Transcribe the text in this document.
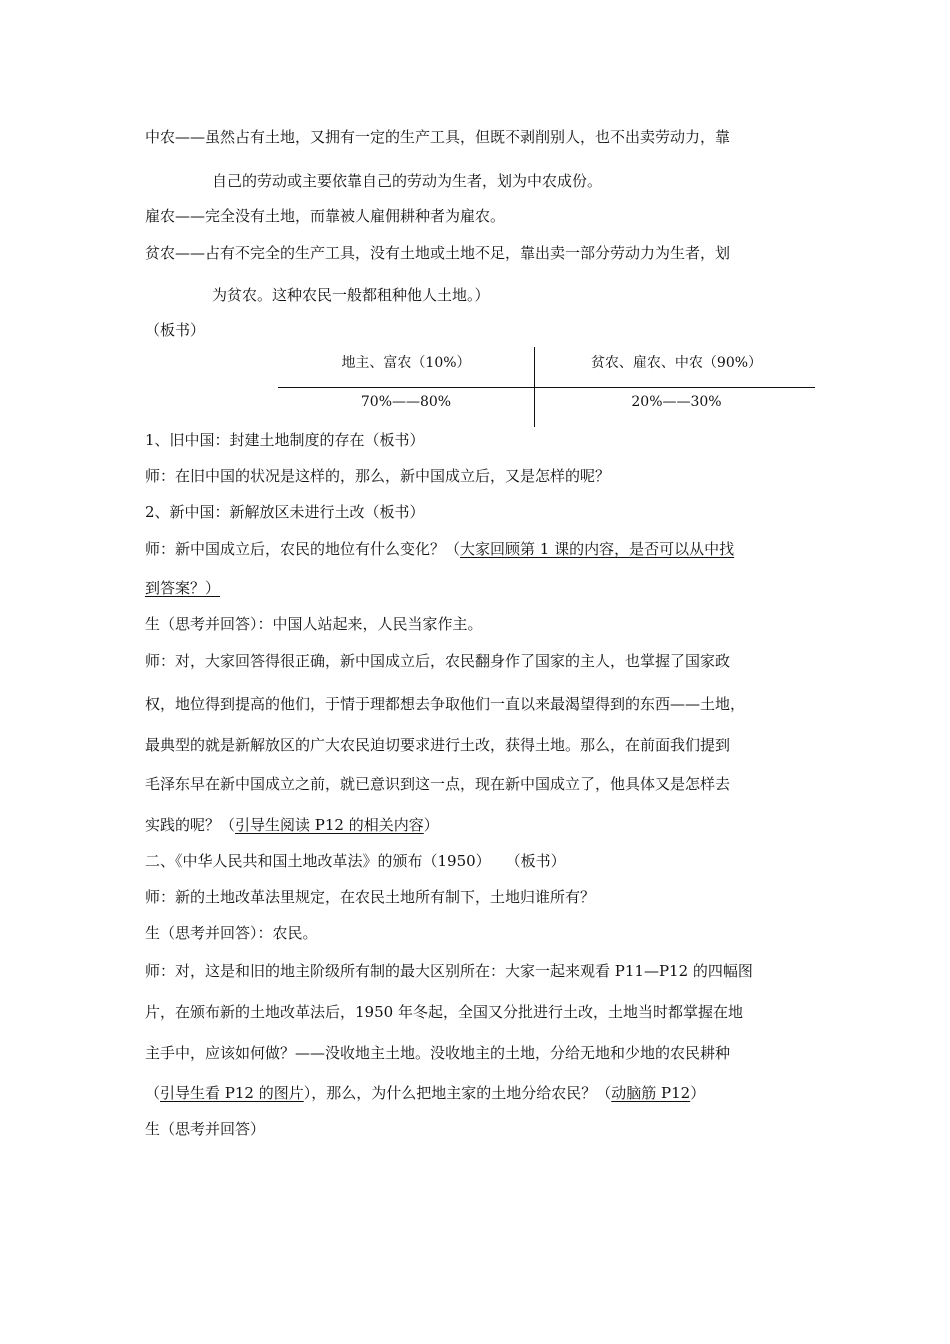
中农——虽然占有土地，又拥有一定的生产工具，但既不剥削别人，也不出卖劳动力，靠
自己的劳动或主要依靠自己的劳动为生者，划为中农成份。
雇农——完全没有土地，而靠被人雇佣耕种者为雇农。
贫农——占有不完全的生产工具，没有土地或土地不足，靠出卖一部分劳动力为生者，划
为贫农。这种农民一般都租种他人土地。）
（板书）
地主、富农（10%）	贫农、雇农、中农（90%）
70%——80%	20%——30%
1、旧中国：封建土地制度的存在（板书）
师：在旧中国的状况是这样的，那么，新中国成立后，又是怎样的呢？
2、新中国：新解放区未进行土改（板书）
师：新中国成立后，农民的地位有什么变化？（大家回顾第 1 课的内容，是否可以从中找
到答案？）
生（思考并回答）：中国人站起来，人民当家作主。
师：对，大家回答得很正确，新中国成立后，农民翻身作了国家的主人，也掌握了国家政
权，地位得到提高的他们，于情于理都想去争取他们一直以来最渴望得到的东西——土地，
最典型的就是新解放区的广大农民迫切要求进行土改，获得土地。那么，在前面我们提到
毛泽东早在新中国成立之前，就已意识到这一点，现在新中国成立了，他具体又是怎样去
实践的呢？（引导生阅读 P12 的相关内容）
二、《中华人民共和国土地改革法》的颁布（1950）　　（板书）
师：新的土地改革法里规定，在农民土地所有制下，土地归谁所有？
生（思考并回答）：农民。
师：对，这是和旧的地主阶级所有制的最大区别所在：大家一起来观看 P11—P12 的四幅图
片，在颁布新的土地改革法后，1950 年冬起，全国又分批进行土改，土地当时都掌握在地
主手中，应该如何做？——没收地主土地。没收地主的土地，分给无地和少地的农民耕种
（引导生看 P12 的图片），那么，为什么把地主家的土地分给农民？（动脑筋 P12）
生（思考并回答）
